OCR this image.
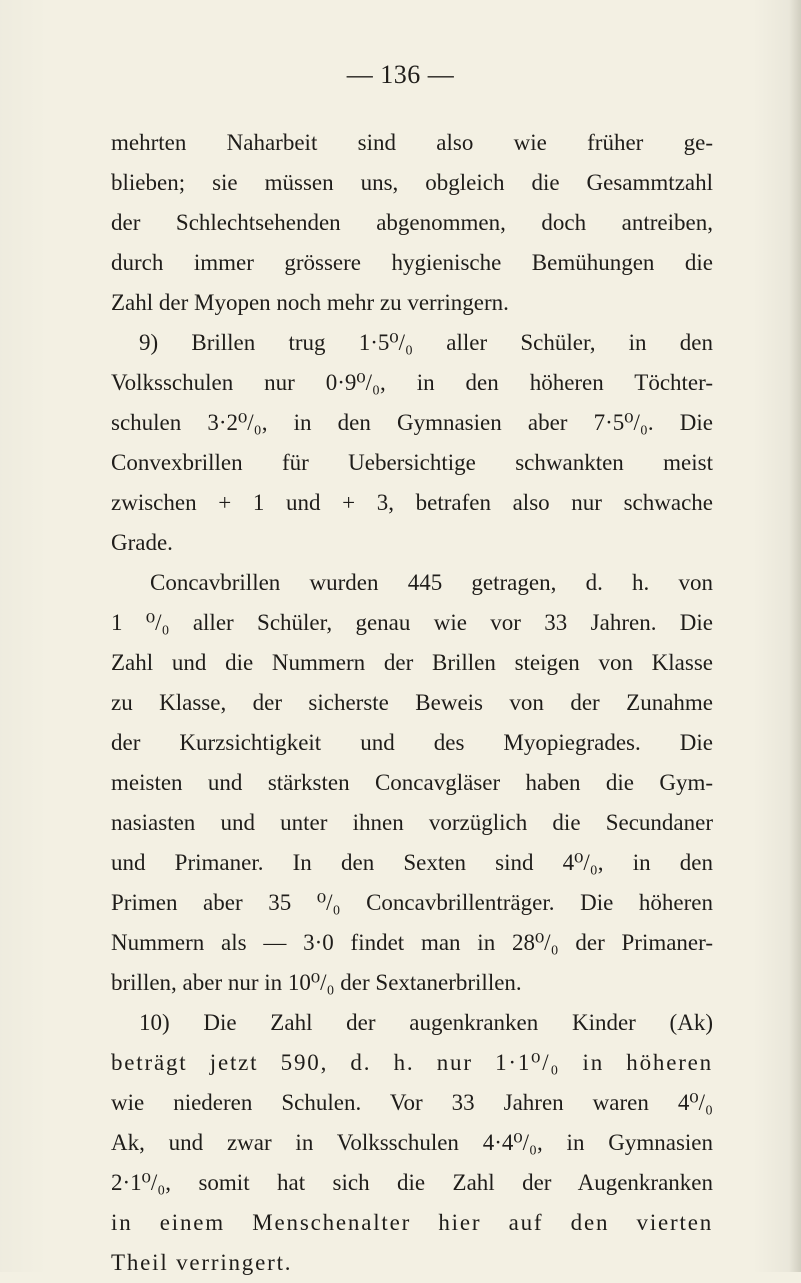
— 136 —
mehrten Naharbeit sind also wie früher ge-
blieben; sie müssen uns, obgleich die Gesammtzahl
der Schlechtsehenden abgenommen, doch antreiben,
durch immer grössere hygienische Bemühungen die
Zahl der Myopen noch mehr zu verringern.
9) Brillen trug 1·5⁰/₀ aller Schüler, in den
Volksschulen nur 0·9⁰/₀, in den höheren Töchter-
schulen 3·2⁰/₀, in den Gymnasien aber 7·5⁰/₀. Die
Convexbrillen für Uebersichtige schwankten meist
zwischen + 1 und + 3, betrafen also nur schwache
Grade.
Concavbrillen wurden 445 getragen, d. h. von
1 ⁰/₀ aller Schüler, genau wie vor 33 Jahren. Die
Zahl und die Nummern der Brillen steigen von Klasse
zu Klasse, der sicherste Beweis von der Zunahme
der Kurzsichtigkeit und des Myopiegrades. Die
meisten und stärksten Concavgläser haben die Gym-
nasiasten und unter ihnen vorzüglich die Secundaner
und Primaner. In den Sexten sind 4⁰/₀, in den
Primen aber 35 ⁰/₀ Concavbrillenträger. Die höheren
Nummern als — 3·0 findet man in 28⁰/₀ der Primaner-
brillen, aber nur in 10⁰/₀ der Sextanerbrillen.
10) Die Zahl der augenkranken Kinder (Ak)
beträgt jetzt 590, d. h. nur 1·1⁰/₀ in höheren
wie niederen Schulen. Vor 33 Jahren waren 4⁰/₀
Ak, und zwar in Volksschulen 4·4⁰/₀, in Gymnasien
2·1⁰/₀, somit hat sich die Zahl der Augenkranken
in einem Menschenalter hier auf den vierten
Theil verringert.
